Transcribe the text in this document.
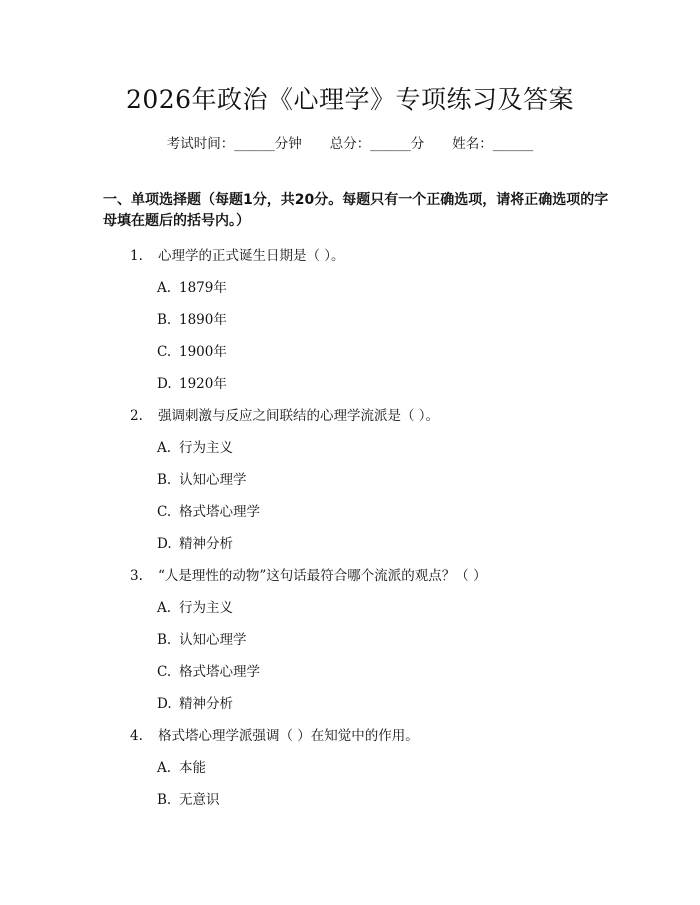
2026年政治《心理学》专项练习及答案
考试时间：______分钟 总分：______分 姓名：______
一、单项选择题（每题1分，共20分。每题只有一个正确选项，请将正确选项的字母填在题后的括号内。）
1. 心理学的正式诞生日期是（ ）。
A. 1879年
B. 1890年
C. 1900年
D. 1920年
2. 强调刺激与反应之间联结的心理学流派是（ ）。
A. 行为主义
B. 认知心理学
C. 格式塔心理学
D. 精神分析
3. “人是理性的动物”这句话最符合哪个流派的观点？（ ）
A. 行为主义
B. 认知心理学
C. 格式塔心理学
D. 精神分析
4. 格式塔心理学派强调（ ）在知觉中的作用。
A. 本能
B. 无意识
